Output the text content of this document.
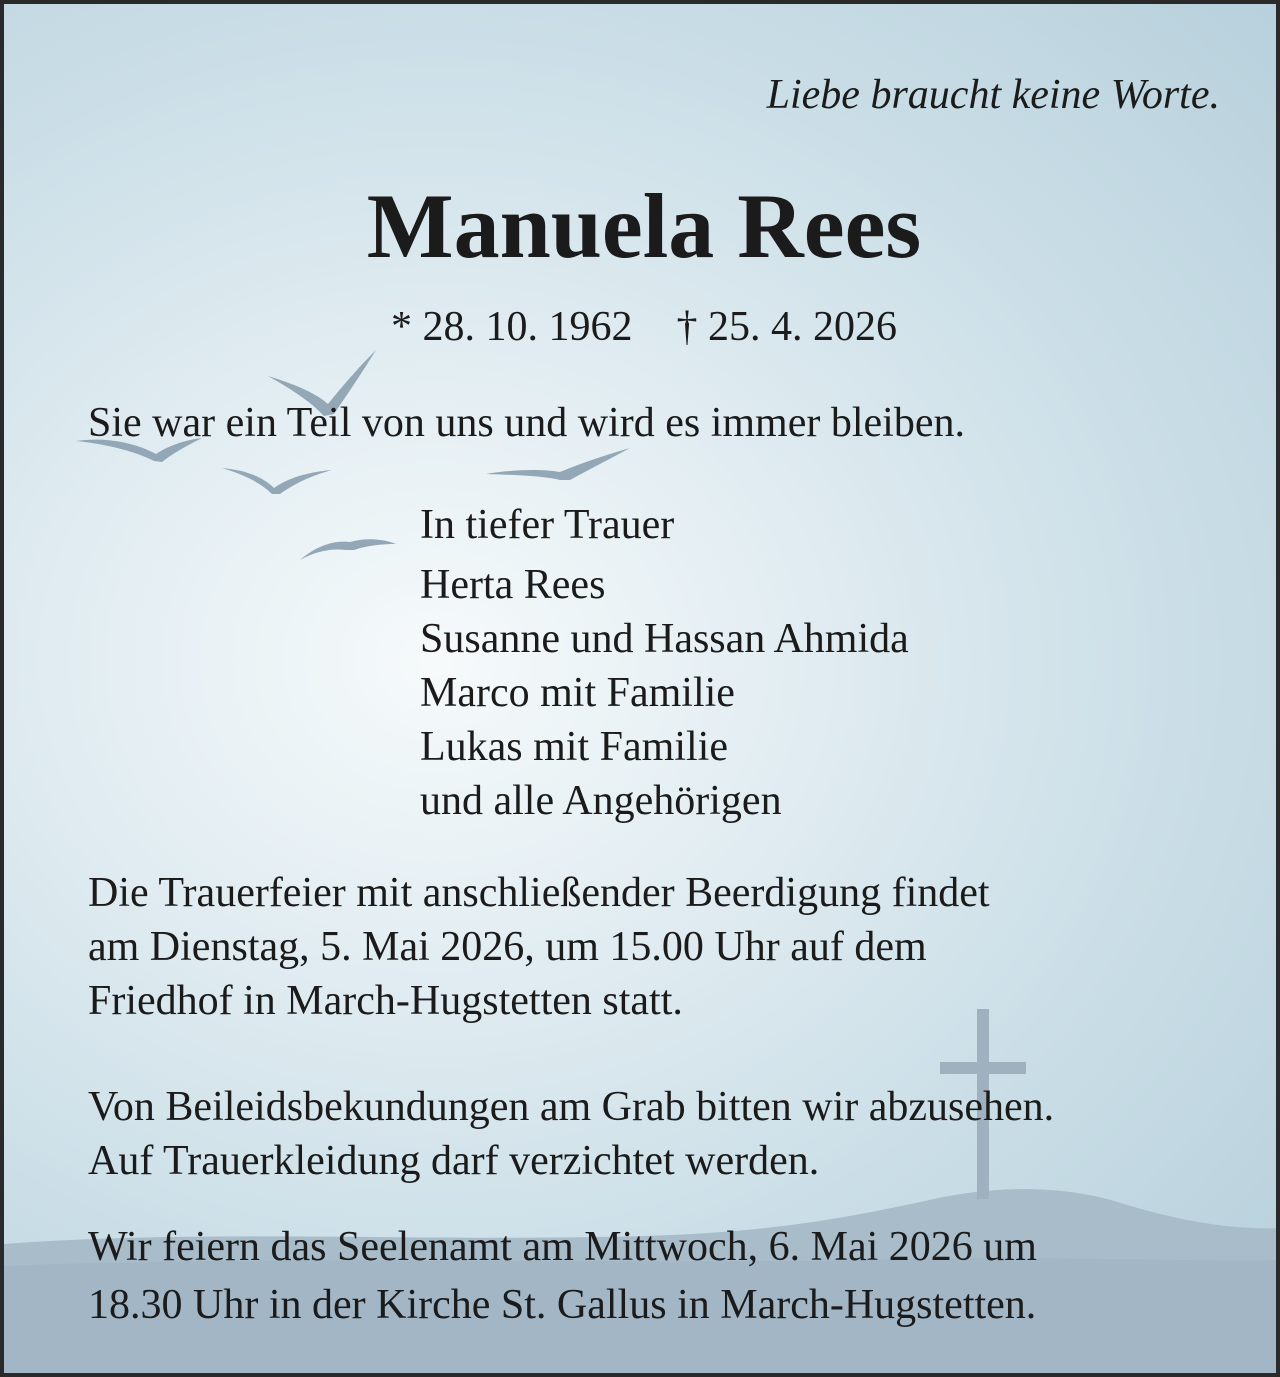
Liebe braucht keine Worte.
Manuela Rees
* 28. 10. 1962 † 25. 4. 2026
Sie war ein Teil von uns und wird es immer bleiben.
In tiefer Trauer
Herta Rees
Susanne und Hassan Ahmida
Marco mit Familie
Lukas mit Familie
und alle Angehörigen
Die Trauerfeier mit anschließender Beerdigung findet
am Dienstag, 5. Mai 2026, um 15.00 Uhr auf dem
Friedhof in March-Hugstetten statt.
Von Beileidsbekundungen am Grab bitten wir abzusehen.
Auf Trauerkleidung darf verzichtet werden.
Wir feiern das Seelenamt am Mittwoch, 6. Mai 2026 um
18.30 Uhr in der Kirche St. Gallus in March-Hugstetten.
